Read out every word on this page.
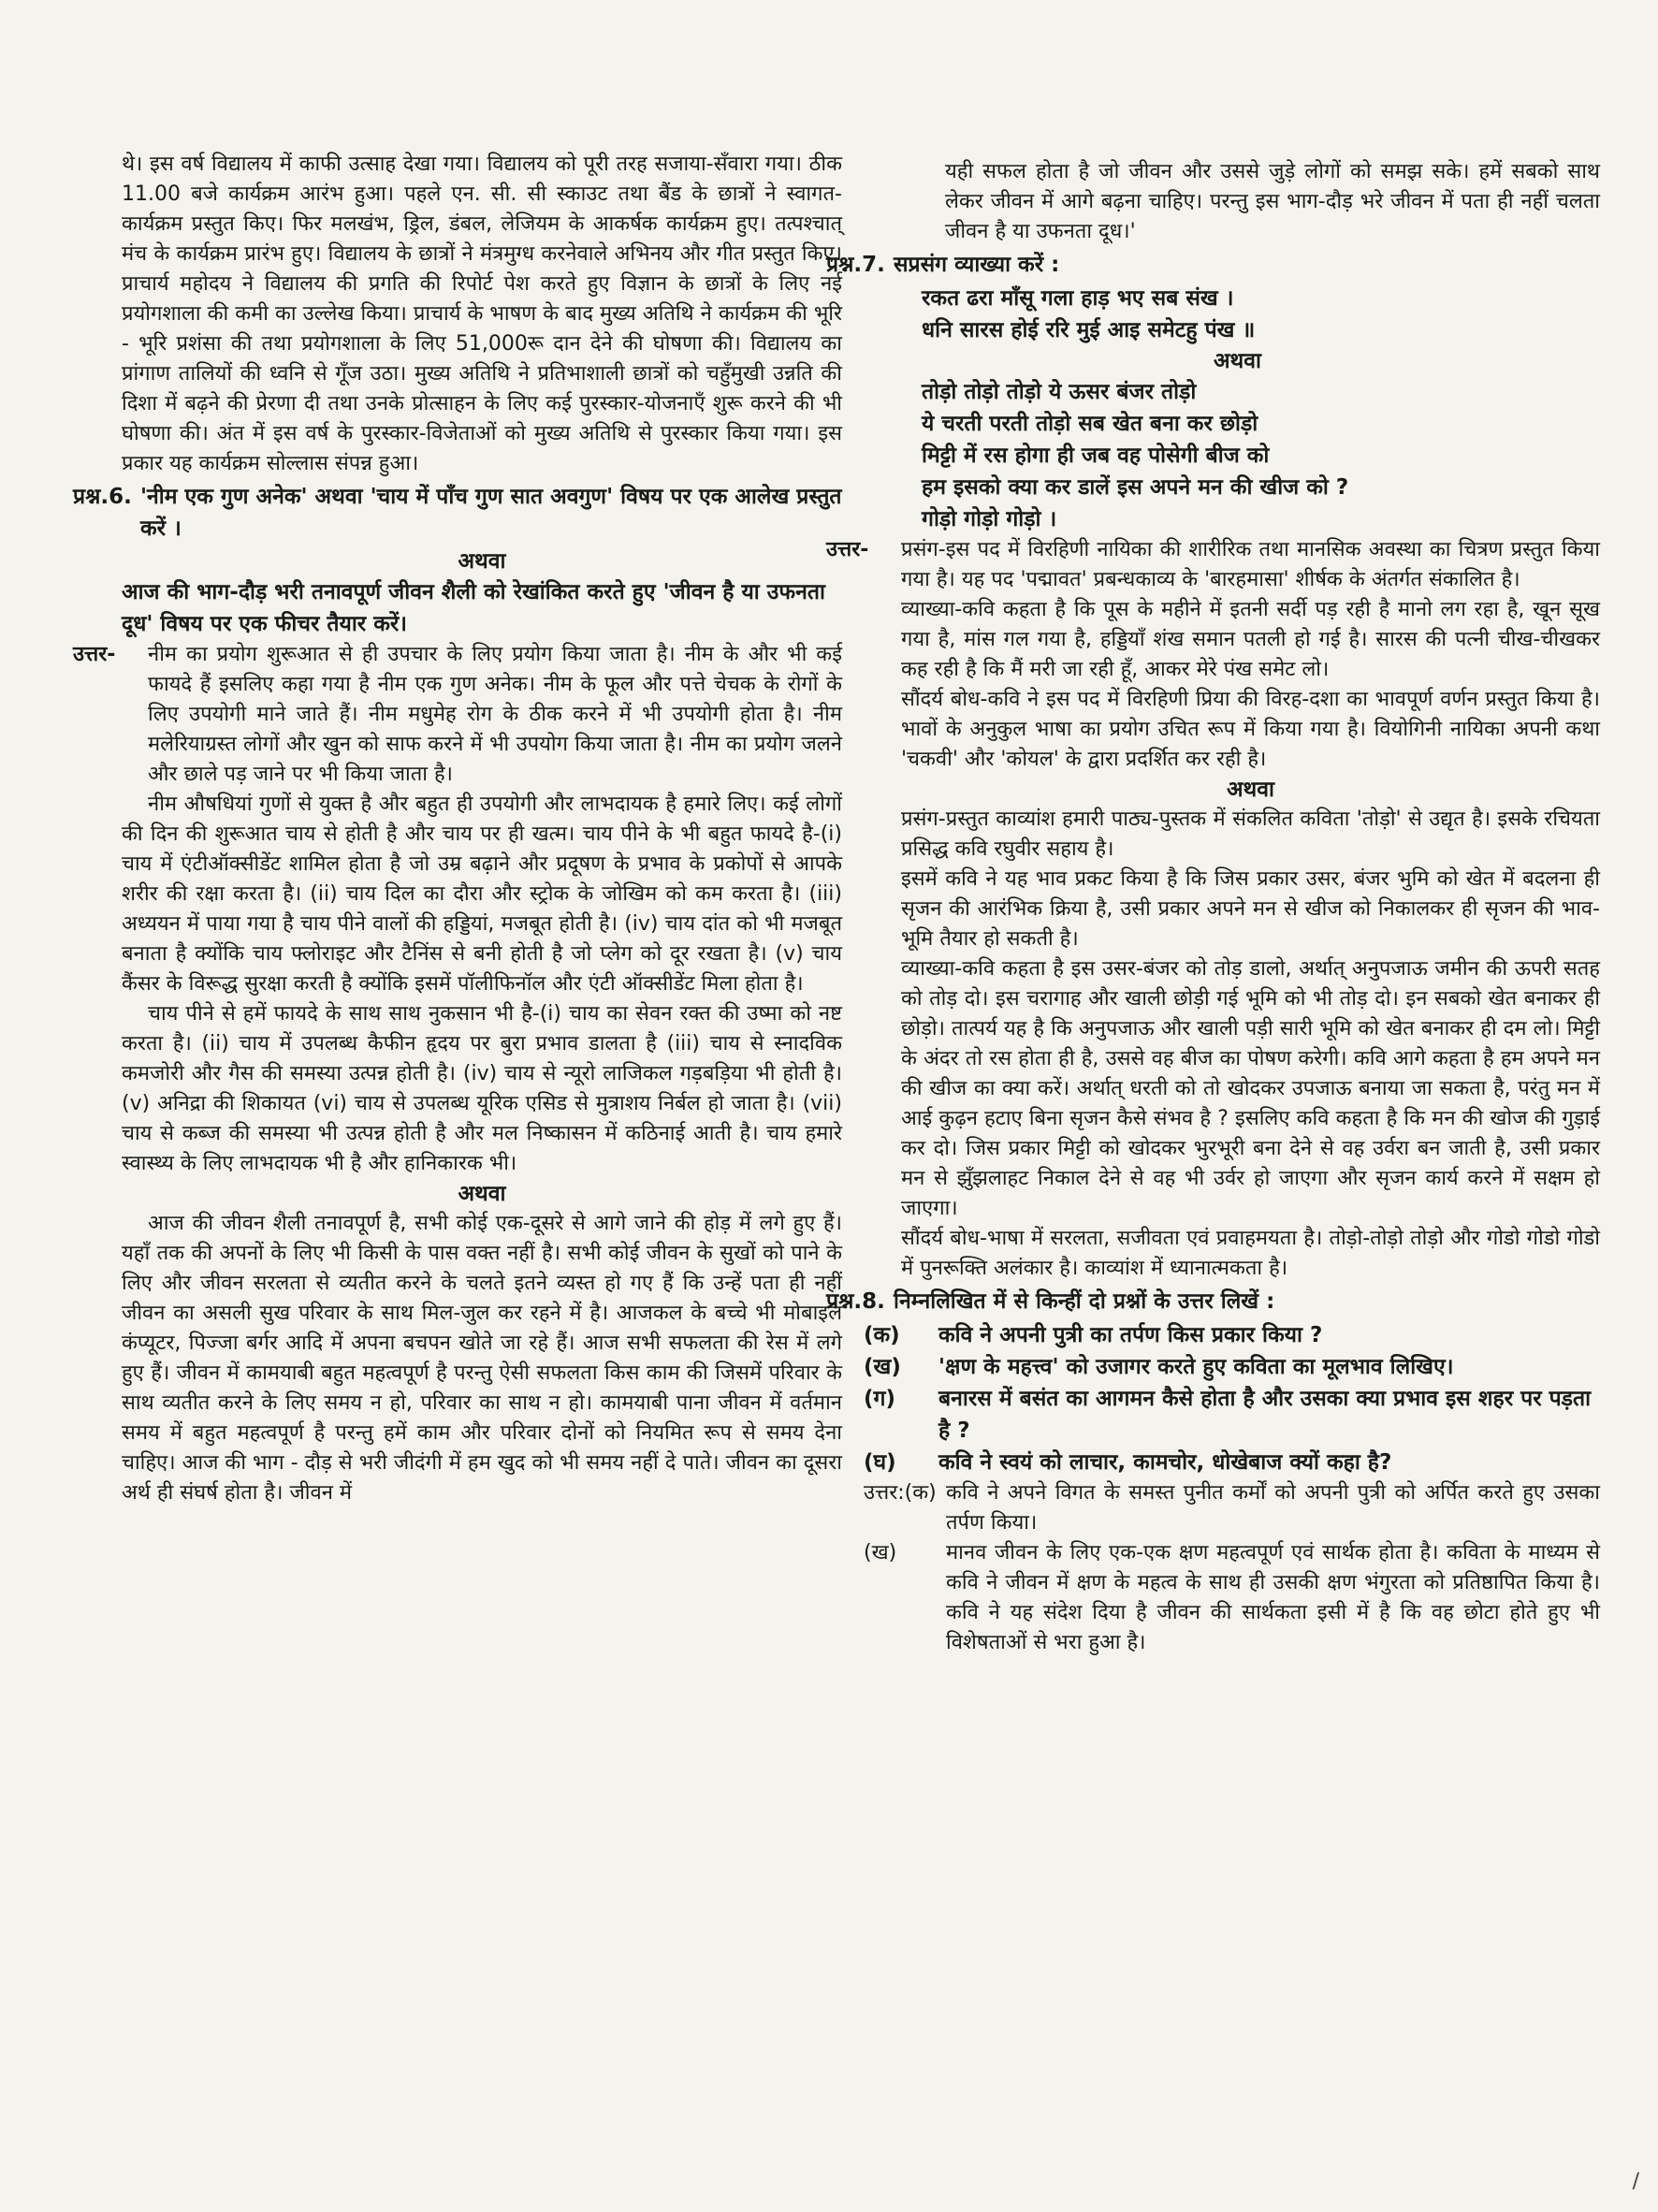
थे। इस वर्ष विद्यालय में काफी उत्साह देखा गया। विद्यालय को पूरी तरह सजाया-सँवारा गया। ठीक 11.00 बजे कार्यक्रम आरंभ हुआ। पहले एन. सी. सी स्काउट तथा बैंड के छात्रों ने स्वागत-कार्यक्रम प्रस्तुत किए। फिर मलखंभ, ड्रिल, डंबल, लेजियम के आकर्षक कार्यक्रम हुए। तत्पश्चात् मंच के कार्यक्रम प्रारंभ हुए। विद्यालय के छात्रों ने मंत्रमुग्ध करनेवाले अभिनय और गीत प्रस्तुत किए। प्राचार्य महोदय ने विद्यालय की प्रगति की रिपोर्ट पेश करते हुए विज्ञान के छात्रों के लिए नई प्रयोगशाला की कमी का उल्लेख किया। प्राचार्य के भाषण के बाद मुख्य अतिथि ने कार्यक्रम की भूरि - भूरि प्रशंसा की तथा प्रयोगशाला के लिए 51,000रू दान देने की घोषणा की। विद्यालय का प्रांगाण तालियों की ध्वनि से गूँज उठा। मुख्य अतिथि ने प्रतिभाशाली छात्रों को चहुँमुखी उन्नति की दिशा में बढ़ने की प्रेरणा दी तथा उनके प्रोत्साहन के लिए कई पुरस्कार-योजनाएँ शुरू करने की भी घोषणा की। अंत में इस वर्ष के पुरस्कार-विजेताओं को मुख्य अतिथि से पुरस्कार किया गया। इस प्रकार यह कार्यक्रम सोल्लास संपन्न हुआ।

प्रश्न.6. 'नीम एक गुण अनेक' अथवा 'चाय में पाँच गुण सात अवगुण' विषय पर एक आलेख प्रस्तुत करें ।
अथवा
आज की भाग-दौड़ भरी तनावपूर्ण जीवन शैली को रेखांकित करते हुए 'जीवन है या उफनता दूध' विषय पर एक फीचर तैयार करें।
उत्तर-	नीम का प्रयोग शुरूआत से ही उपचार के लिए प्रयोग किया जाता है। नीम के और भी कई फायदे हैं इसलिए कहा गया है नीम एक गुण अनेक। नीम के फूल और पत्ते चेचक के रोगों के लिए उपयोगी माने जाते हैं। नीम मधुमेह रोग के ठीक करने में भी उपयोगी होता है। नीम मलेरियाग्रस्त लोगों और खुन को साफ करने में भी उपयोग किया जाता है। नीम का प्रयोग जलने और छाले पड़ जाने पर भी किया जाता है।

नीम औषधियां गुणों से युक्त है और बहुत ही उपयोगी और लाभदायक है हमारे लिए। कई लोगों की दिन की शुरूआत चाय से होती है और चाय पर ही खत्म। चाय पीने के भी बहुत फायदे है-(i) चाय में एंटीऑक्सीडेंट शामिल होता है जो उम्र बढ़ाने और प्रदूषण के प्रभाव के प्रकोपों से आपके शरीर की रक्षा करता है। (ii) चाय दिल का दौरा और स्ट्रोक के जोखिम को कम करता है। (iii) अध्ययन में पाया गया है चाय पीने वालों की हड्डियां, मजबूत होती है। (iv) चाय दांत को भी मजबूत बनाता है क्योंकि चाय फ्लोराइट और टैनिंस से बनी होती है जो प्लेग को दूर रखता है। (v) चाय कैंसर के विरूद्ध सुरक्षा करती है क्योंकि इसमें पॉलीफिनॉल और एंटी ऑक्सीडेंट मिला होता है।

चाय पीने से हमें फायदे के साथ साथ नुकसान भी है-(i) चाय का सेवन रक्त की उष्मा को नष्ट करता है। (ii) चाय में उपलब्ध कैफीन हृदय पर बुरा प्रभाव डालता है (iii) चाय से स्नादविक कमजोरी और गैस की समस्या उत्पन्न होती है। (iv) चाय से न्यूरो लाजिकल गड़बड़िया भी होती है। (v) अनिद्रा की शिकायत (vi) चाय से उपलब्ध यूरिक एसिड से मुत्राशय निर्बल हो जाता है। (vii) चाय से कब्ज की समस्या भी उत्पन्न होती है और मल निष्कासन में कठिनाई आती है। चाय हमारे स्वास्थ्य के लिए लाभदायक भी है और हानिकारक भी।

अथवा

आज की जीवन शैली तनावपूर्ण है, सभी कोई एक-दूसरे से आगे जाने की होड़ में लगे हुए हैं। यहाँ तक की अपनों के लिए भी किसी के पास वक्त नहीं है। सभी कोई जीवन के सुखों को पाने के लिए और जीवन सरलता से व्यतीत करने के चलते इतने व्यस्त हो गए हैं कि उन्हें पता ही नहीं जीवन का असली सुख परिवार के साथ मिल-जुल कर रहने में है। आजकल के बच्चे भी मोबाइल कंप्यूटर, पिज्जा बर्गर आदि में अपना बचपन खोते जा रहे हैं। आज सभी सफलता की रेस में लगे हुए हैं। जीवन में कामयाबी बहुत महत्वपूर्ण है परन्तु ऐसी सफलता किस काम की जिसमें परिवार के साथ व्यतीत करने के लिए समय न हो, परिवार का साथ न हो। कामयाबी पाना जीवन में वर्तमान समय में बहुत महत्वपूर्ण है परन्तु हमें काम और परिवार दोनों को नियमित रूप से समय देना चाहिए। आज की भाग - दौड़ से भरी जीदंगी में हम खुद को भी समय नहीं दे पाते। जीवन का दूसरा अर्थ ही संघर्ष होता है। जीवन में

यही सफल होता है जो जीवन और उससे जुड़े लोगों को समझ सके। हमें सबको साथ लेकर जीवन में आगे बढ़ना चाहिए। परन्तु इस भाग-दौड़ भरे जीवन में पता ही नहीं चलता जीवन है या उफनता दूध।'

प्रश्न.7. सप्रसंग व्याख्या करें :
रकत ढरा माँसू गला हाड़ भए सब संख ।
धनि सारस होई ररि मुई आइ समेटहु पंख ॥
अथवा
तोड़ो तोड़ो तोड़ो ये ऊसर बंजर तोड़ो
ये चरती परती तोड़ो सब खेत बना कर छोड़ो
मिट्टी में रस होगा ही जब वह पोसेगी बीज को
हम इसको क्या कर डालें इस अपने मन की खीज को ?
गोड़ो गोड़ो गोड़ो ।
उत्तर-	प्रसंग-इस पद में विरहिणी नायिका की शारीरिक तथा मानसिक अवस्था का चित्रण प्रस्तुत किया गया है। यह पद 'पद्मावत' प्रबन्धकाव्य के 'बारहमासा' शीर्षक के अंतर्गत संकालित है।

व्याख्या-कवि कहता है कि पूस के महीने में इतनी सर्दी पड़ रही है मानो लग रहा है, खून सूख गया है, मांस गल गया है, हड्डियाँ शंख समान पतली हो गई है। सारस की पत्नी चीख-चीखकर कह रही है कि मैं मरी जा रही हूँ, आकर मेरे पंख समेट लो।

सौंदर्य बोध-कवि ने इस पद में विरहिणी प्रिया की विरह-दशा का भावपूर्ण वर्णन प्रस्तुत किया है। भावों के अनुकुल भाषा का प्रयोग उचित रूप में किया गया है। वियोगिनी नायिका अपनी कथा 'चकवी' और 'कोयल' के द्वारा प्रदर्शित कर रही है।

अथवा

प्रसंग-प्रस्तुत काव्यांश हमारी पाठ्य-पुस्तक में संकलित कविता 'तोड़ो' से उद्यृत है। इसके रचियता प्रसिद्ध कवि रघुवीर सहाय है।

इसमें कवि ने यह भाव प्रकट किया है कि जिस प्रकार उसर, बंजर भुमि को खेत में बदलना ही सृजन की आरंभिक क्रिया है, उसी प्रकार अपने मन से खीज को निकालकर ही सृजन की भाव-भूमि तैयार हो सकती है।

व्याख्या-कवि कहता है इस उसर-बंजर को तोड़ डालो, अर्थात् अनुपजाऊ जमीन की ऊपरी सतह को तोड़ दो। इस चरागाह और खाली छोड़ी गई भूमि को भी तोड़ दो। इन सबको खेत बनाकर ही छोड़ो। तात्पर्य यह है कि अनुपजाऊ और खाली पड़ी सारी भूमि को खेत बनाकर ही दम लो। मिट्टी के अंदर तो रस होता ही है, उससे वह बीज का पोषण करेगी। कवि आगे कहता है हम अपने मन की खीज का क्या करें। अर्थात् धरती को तो खोदकर उपजाऊ बनाया जा सकता है, परंतु मन में आई कुढ़न हटाए बिना सृजन कैसे संभव है ? इसलिए कवि कहता है कि मन की खोज की गुड़ाई कर दो। जिस प्रकार मिट्टी को खोदकर भुरभूरी बना देने से वह उर्वरा बन जाती है, उसी प्रकार मन से झुँझलाहट निकाल देने से वह भी उर्वर हो जाएगा और सृजन कार्य करने में सक्षम हो जाएगा।

सौंदर्य बोध-भाषा में सरलता, सजीवता एवं प्रवाहमयता है। तोड़ो-तोड़ो तोड़ो और गोडो गोडो गोडो में पुनरूक्ति अलंकार है। काव्यांश में ध्यानात्मकता है।

प्रश्न.8. निम्नलिखित में से किन्हीं दो प्रश्नों के उत्तर लिखें :
(क)	कवि ने अपनी पुत्री का तर्पण किस प्रकार किया ?
(ख)	'क्षण के महत्त्व' को उजागर करते हुए कविता का मूलभाव लिखिए।
(ग)	बनारस में बसंत का आगमन कैसे होता है और उसका क्या प्रभाव इस शहर पर पड़ता है ?
(घ)	कवि ने स्वयं को लाचार, कामचोर, धोखेबाज क्यों कहा है?
उत्तर:(क) कवि ने अपने विगत के समस्त पुनीत कर्मों को अपनी पुत्री को अर्पित करते हुए उसका तर्पण किया।
(ख)	मानव जीवन के लिए एक-एक क्षण महत्वपूर्ण एवं सार्थक होता है। कविता के माध्यम से कवि ने जीवन में क्षण के महत्व के साथ ही उसकी क्षण भंगुरता को प्रतिष्ठापित किया है। कवि ने यह संदेश दिया है जीवन की सार्थकता इसी में है कि वह छोटा होते हुए भी विशेषताओं से भरा हुआ है।
/
